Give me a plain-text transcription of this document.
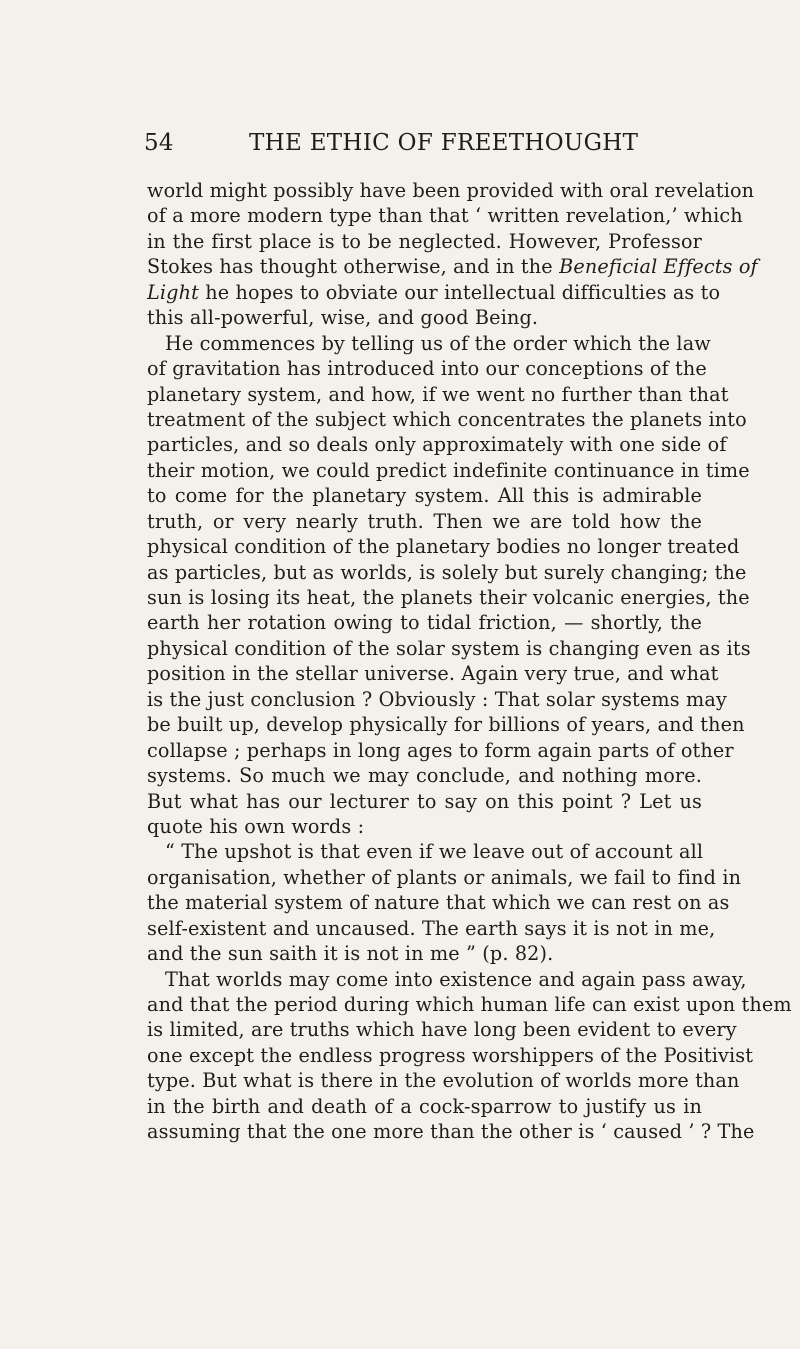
54	THE ETHIC OF FREETHOUGHT
world might possibly have been provided with oral revelation
of a more modern type than that ‘ written revelation,’ which
in the first place is to be neglected. However, Professor
Stokes has thought otherwise, and in the Beneficial Effects of
Light he hopes to obviate our intellectual difficulties as to
this all-powerful, wise, and good Being.
He commences by telling us of the order which the law
of gravitation has introduced into our conceptions of the
planetary system, and how, if we went no further than that
treatment of the subject which concentrates the planets into
particles, and so deals only approximately with one side of
their motion, we could predict indefinite continuance in time
to come for the planetary system. All this is admirable
truth, or very nearly truth. Then we are told how the
physical condition of the planetary bodies no longer treated
as particles, but as worlds, is solely but surely changing; the
sun is losing its heat, the planets their volcanic energies, the
earth her rotation owing to tidal friction, — shortly, the
physical condition of the solar system is changing even as its
position in the stellar universe. Again very true, and what
is the just conclusion ? Obviously : That solar systems may
be built up, develop physically for billions of years, and then
collapse ; perhaps in long ages to form again parts of other
systems. So much we may conclude, and nothing more.
But what has our lecturer to say on this point ? Let us
quote his own words :
“ The upshot is that even if we leave out of account all
organisation, whether of plants or animals, we fail to find in
the material system of nature that which we can rest on as
self-existent and uncaused. The earth says it is not in me,
and the sun saith it is not in me ” (p. 82).
That worlds may come into existence and again pass away,
and that the period during which human life can exist upon them
is limited, are truths which have long been evident to every
one except the endless progress worshippers of the Positivist
type. But what is there in the evolution of worlds more than
in the birth and death of a cock-sparrow to justify us in
assuming that the one more than the other is ‘ caused ’ ? The
